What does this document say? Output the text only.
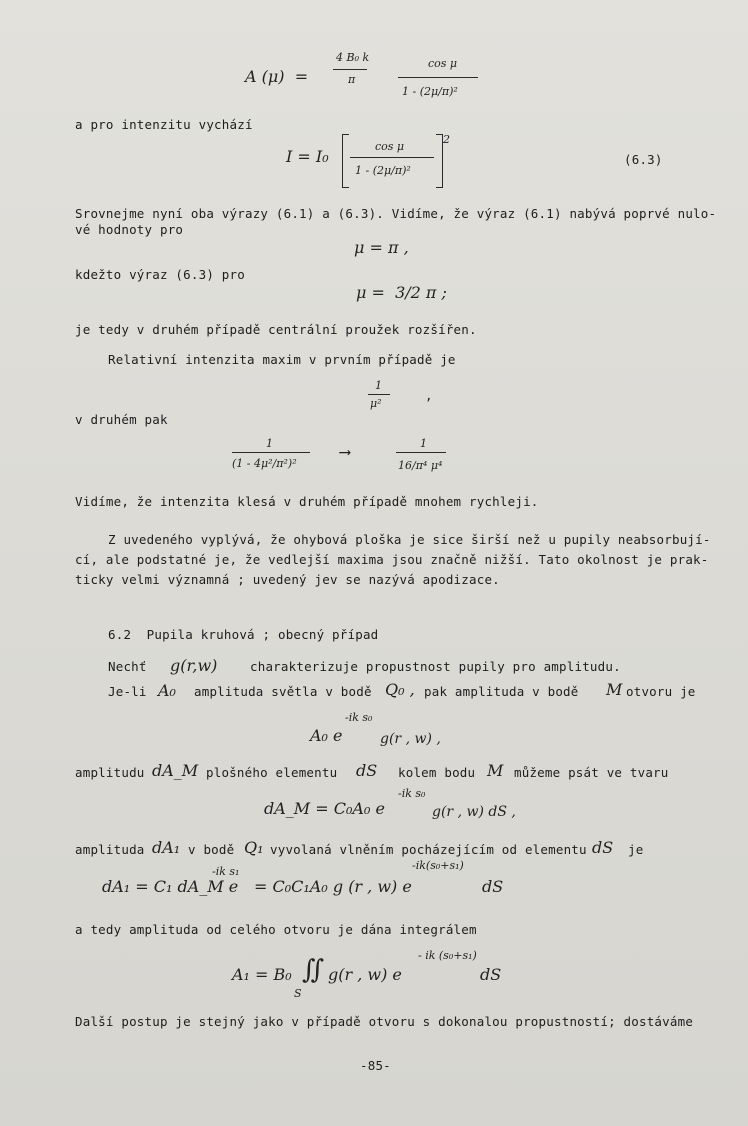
A (μ)  =
4 B₀ k
π
cos μ
1 - (2μ/π)²
a pro intenzitu vychází
I = I₀
cos μ
1 - (2μ/π)²
2
(6.3)
Srovnejme nyní oba výrazy (6.1) a (6.3). Vidíme, že výraz (6.1) nabývá poprvé nulo-
vé hodnoty pro
μ = π ,
kdežto výraz (6.3) pro
μ =  3/2 π ;
je tedy v druhém případě centrální proužek rozšířen.
Relativní intenzita maxim v prvním případě je
1
μ²
,
v druhém pak
1
(1 - 4μ²/π²)²
⟶	1
16/π⁴ μ⁴
Vidíme, že intenzita klesá v druhém případě mnohem rychleji.
Z uvedeného vyplývá, že ohybová ploška je sice širší než u pupily neabsorbují-
cí, ale podstatné je, že vedlejší maxima jsou značně nižší. Tato okolnost je prak-
ticky velmi významná ; uvedený jev se nazývá apodizace.
6.2  Pupila kruhová ; obecný případ
Nechť g(r,w)	charakterizuje propustnost pupily pro amplitudu.
Je-li A₀ amplituda světla v bodě Q₀ , pak amplituda v bodě M otvoru je
-ik s₀
A₀ e	g(r , w) ,
amplitudu dA_M plošného elementu dS kolem bodu M můžeme psát ve tvaru
dA_M = C₀A₀ e
-ik s₀
g(r , w) dS ,
amplituda dA₁ v bodě Q₁ vyvolaná vlněním pocházejícím od elementu dS je
dA₁ = C₁ dA_M e
-ik s₁
= C₀C₁A₀ g (r , w) e
-ik(s₀+s₁)
dS
a tedy amplituda od celého otvoru je dána integrálem
A₁ = B₀ ∬
S
g(r , w) e
- ik (s₀+s₁)
dS
Další postup je stejný jako v případě otvoru s dokonalou propustností; dostáváme
-85-
